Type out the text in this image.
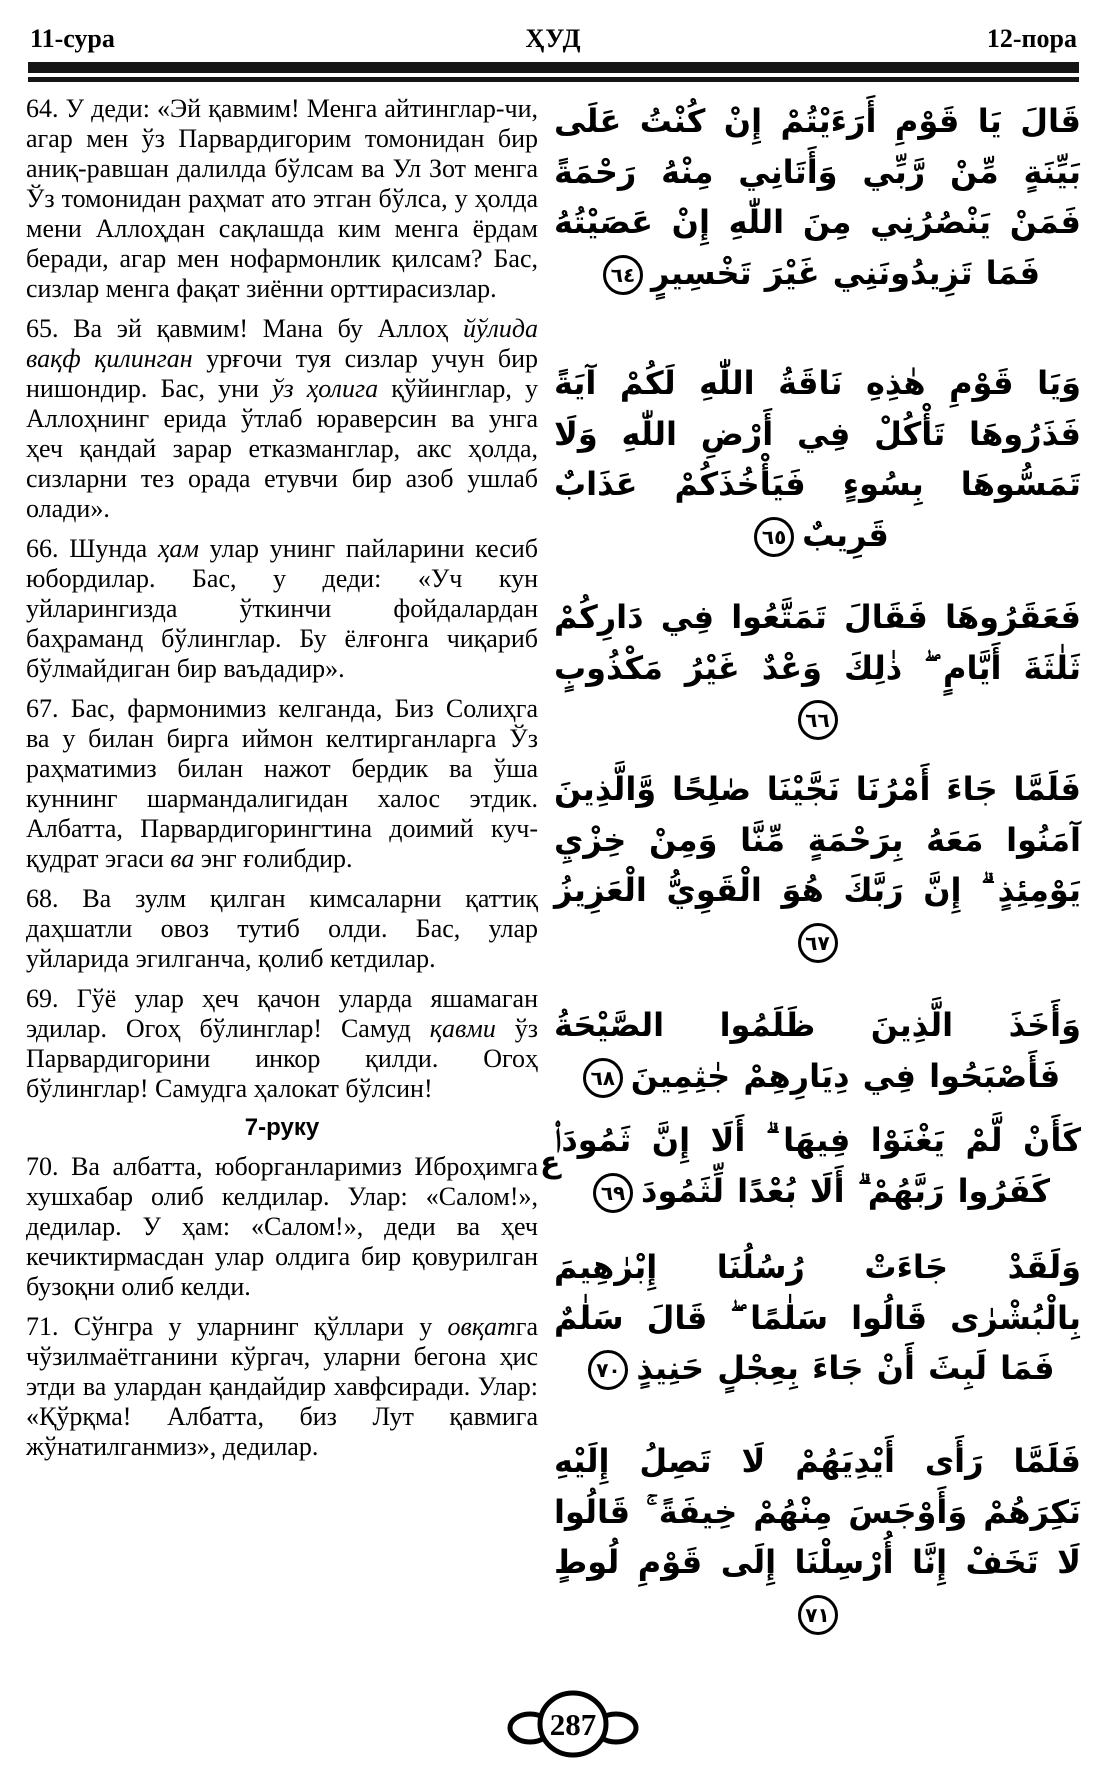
11-сура	ҲУД	12-пора

64. У деди: «Эй қавмим! Менга айтинглар-чи, агар мен ўз Парвардигорим томонидан бир аниқ-равшан далилда бўлсам ва Ул Зот менга Ўз томонидан раҳмат ато этган бўлса, у ҳолда мени Аллоҳдан сақлашда ким менга ёрдам беради, агар мен нофармонлик қилсам? Бас, сизлар менга фақат зиённи орттирасизлар.

65. Ва эй қавмим! Мана бу Аллоҳ йўлида вақф қилинган урғочи туя сизлар учун бир нишондир. Бас, уни ўз ҳолига қўйинглар, у Аллоҳнинг ерида ўтлаб юраверсин ва унга ҳеч қандай зарар етказманглар, акс ҳолда, сизларни тез орада етувчи бир азоб ушлаб олади».

66. Шунда ҳам улар унинг пайларини кесиб юбордилар. Бас, у деди: «Уч кун уйларингизда ўткинчи фойдалардан баҳраманд бўлинглар. Бу ёлғонга чиқариб бўлмайдиган бир ваъдадир».

67. Бас, фармонимиз келганда, Биз Солиҳга ва у билан бирга иймон келтирганларга Ўз раҳматимиз билан нажот бердик ва ўша куннинг шармандалигидан халос этдик. Албатта, Парвардигорингтина доимий куч-қудрат эгаси ва энг ғолибдир.

68. Ва зулм қилган кимсаларни қаттиқ даҳшатли овоз тутиб олди. Бас, улар уйларида эгилганча, қолиб кетдилар.

69. Гўё улар ҳеч қачон уларда яшамаган эдилар. Огоҳ бўлинглар! Самуд қавми ўз Парвардигорини инкор қилди. Огоҳ бўлинглар! Самудга ҳалокат бўлсин!

7-руку

70. Ва албатта, юборганларимиз Иброҳимга хушхабар олиб келдилар. Улар: «Салом!», дедилар. У ҳам: «Салом!», деди ва ҳеч кечиктирмасдан улар олдига бир қовурилган бузоқни олиб келди.

71. Сўнгра у уларнинг қўллари у овқатга чўзилмаётганини кўргач, уларни бегона ҳис этди ва улардан қандайдир хавфсиради. Улар: «Қўрқма! Албатта, биз Лут қавмига жўнатилганмиз», дедилар.

قَالَ يَا قَوْمِ أَرَءَيْتُمْ إِنْ كُنْتُ عَلَى بَيِّنَةٍ مِّنْ رَّبِّي وَأَتَانِي مِنْهُ رَحْمَةً فَمَنْ يَنْصُرُنِي مِنَ اللّٰهِ إِنْ عَصَيْتُهُ فَمَا تَزِيدُونَنِي غَيْرَ تَخْسِيرٍ٦٤
وَيَا قَوْمِ هٰذِهِ نَاقَةُ اللّٰهِ لَكُمْ آيَةً فَذَرُوهَا تَأْكُلْ فِي أَرْضِ اللّٰهِ وَلَا تَمَسُّوهَا بِسُوءٍ فَيَأْخُذَكُمْ عَذَابٌ قَرِيبٌ٦٥
فَعَقَرُوهَا فَقَالَ تَمَتَّعُوا فِي دَارِكُمْ ثَلٰثَةَ أَيَّامٍ ۖ ذٰلِكَ وَعْدٌ غَيْرُ مَكْذُوبٍ٦٦
فَلَمَّا جَاءَ أَمْرُنَا نَجَّيْنَا صٰلِحًا وَّالَّذِينَ آمَنُوا مَعَهُ بِرَحْمَةٍ مِّنَّا وَمِنْ خِزْيِ يَوْمِئِذٍ ۗ إِنَّ رَبَّكَ هُوَ الْقَوِيُّ الْعَزِيزُ٦٧
وَأَخَذَ الَّذِينَ ظَلَمُوا الصَّيْحَةُ فَأَصْبَحُوا فِي دِيَارِهِمْ جٰثِمِينَ٦٨
ع
كَأَنْ لَّمْ يَغْنَوْا فِيهَا ۗ أَلَا إِنَّ ثَمُودَا۟ كَفَرُوا رَبَّهُمْ ۗ أَلَا بُعْدًا لِّثَمُودَ٦٩
وَلَقَدْ جَاءَتْ رُسُلُنَا إِبْرٰهِيمَ بِالْبُشْرٰى قَالُوا سَلٰمًا ۖ قَالَ سَلٰمٌ فَمَا لَبِثَ أَنْ جَاءَ بِعِجْلٍ حَنِيذٍ٧٠
فَلَمَّا رَأَى أَيْدِيَهُمْ لَا تَصِلُ إِلَيْهِ نَكِرَهُمْ وَأَوْجَسَ مِنْهُمْ خِيفَةً ۚ قَالُوا لَا تَخَفْ إِنَّا أُرْسِلْنَا إِلَى قَوْمِ لُوطٍ٧١
287
